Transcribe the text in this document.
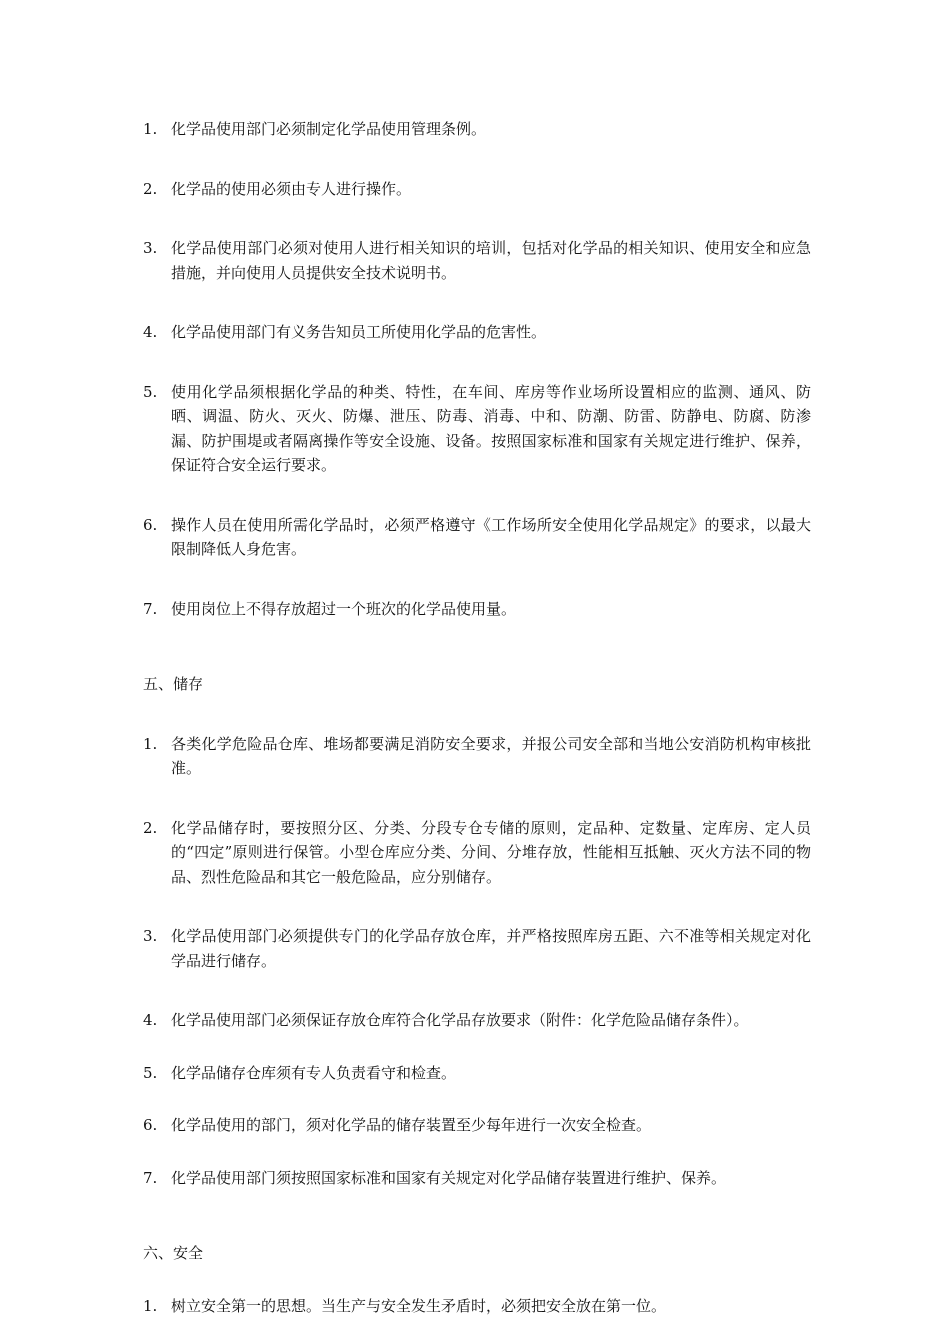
1. 化学品使用部门必须制定化学品使用管理条例。
2. 化学品的使用必须由专人进行操作。
3. 化学品使用部门必须对使用人进行相关知识的培训，包括对化学品的相关知识、使用安全和应急措施，并向使用人员提供安全技术说明书。
4. 化学品使用部门有义务告知员工所使用化学品的危害性。
5. 使用化学品须根据化学品的种类、特性，在车间、库房等作业场所设置相应的监测、通风、防晒、调温、防火、灭火、防爆、泄压、防毒、消毒、中和、防潮、防雷、防静电、防腐、防渗漏、防护围堤或者隔离操作等安全设施、设备。按照国家标准和国家有关规定进行维护、保养，保证符合安全运行要求。
6. 操作人员在使用所需化学品时，必须严格遵守《工作场所安全使用化学品规定》的要求，以最大限制降低人身危害。
7. 使用岗位上不得存放超过一个班次的化学品使用量。
五、储存
1. 各类化学危险品仓库、堆场都要满足消防安全要求，并报公司安全部和当地公安消防机构审核批准。
2. 化学品储存时，要按照分区、分类、分段专仓专储的原则，定品种、定数量、定库房、定人员的“四定”原则进行保管。小型仓库应分类、分间、分堆存放，性能相互抵触、灭火方法不同的物品、烈性危险品和其它一般危险品，应分别储存。
3. 化学品使用部门必须提供专门的化学品存放仓库，并严格按照库房五距、六不准等相关规定对化学品进行储存。
4. 化学品使用部门必须保证存放仓库符合化学品存放要求（附件：化学危险品储存条件）。
5. 化学品储存仓库须有专人负责看守和检查。
6. 化学品使用的部门，须对化学品的储存装置至少每年进行一次安全检查。
7. 化学品使用部门须按照国家标准和国家有关规定对化学品储存装置进行维护、保养。
六、安全
1. 树立安全第一的思想。当生产与安全发生矛盾时，必须把安全放在第一位。
